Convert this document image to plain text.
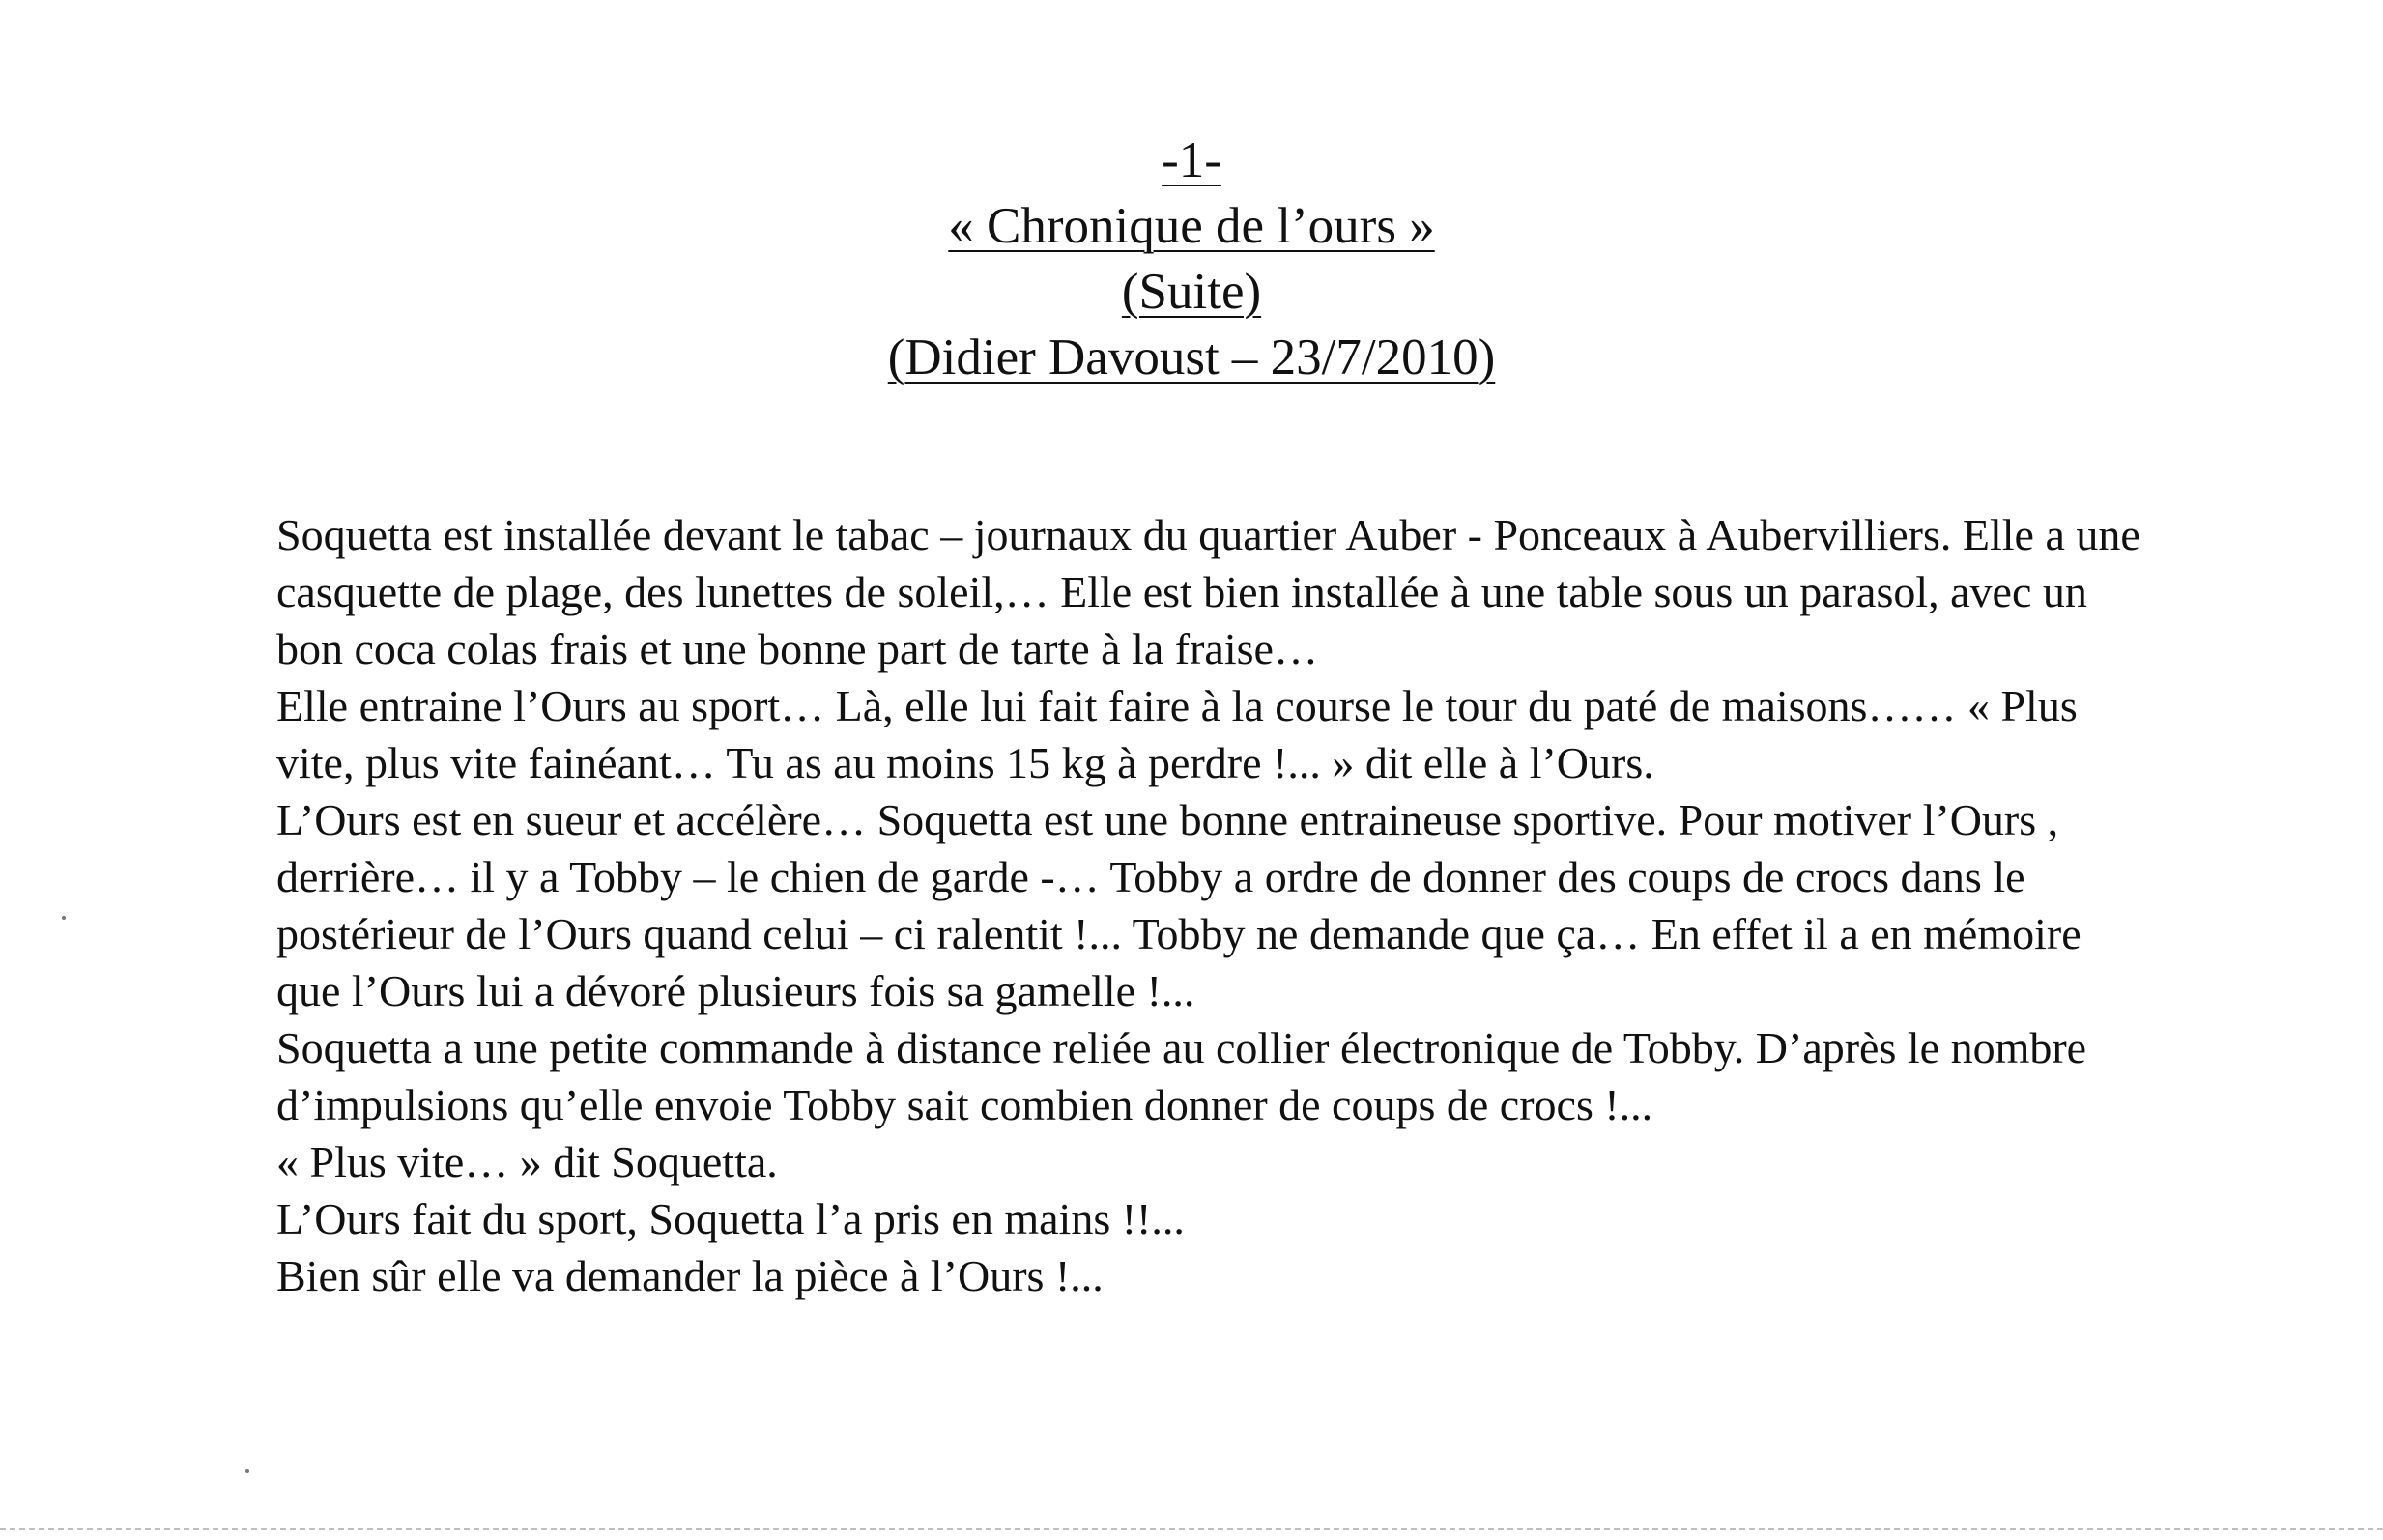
-1-
« Chronique de l’ours »
(Suite)
(Didier Davoust – 23/7/2010)

Soquetta est installée devant le tabac – journaux du quartier Auber - Ponceaux à Aubervilliers. Elle a une casquette de plage, des lunettes de soleil,… Elle est bien installée à une table sous un parasol, avec un bon coca colas frais et une bonne part de tarte à la fraise…

Elle entraine l’Ours au sport… Là, elle lui fait faire à la course le tour du paté de maisons…… « Plus vite, plus vite fainéant… Tu as au moins 15 kg à perdre !... » dit elle à l’Ours.

L’Ours est en sueur et accélère… Soquetta est une bonne entraineuse sportive. Pour motiver l’Ours , derrière… il y a Tobby – le chien de garde -… Tobby a ordre de donner des coups de crocs dans le postérieur de l’Ours quand celui – ci ralentit !... Tobby ne demande que ça… En effet il a en mémoire que l’Ours lui a dévoré plusieurs fois sa gamelle !...

Soquetta a une petite commande à distance reliée au collier électronique de Tobby. D’après le nombre d’impulsions qu’elle envoie Tobby sait combien donner de coups de crocs !...

« Plus vite… » dit Soquetta.

L’Ours fait du sport, Soquetta l’a pris en mains !!...

Bien sûr elle va demander la pièce à l’Ours !...
